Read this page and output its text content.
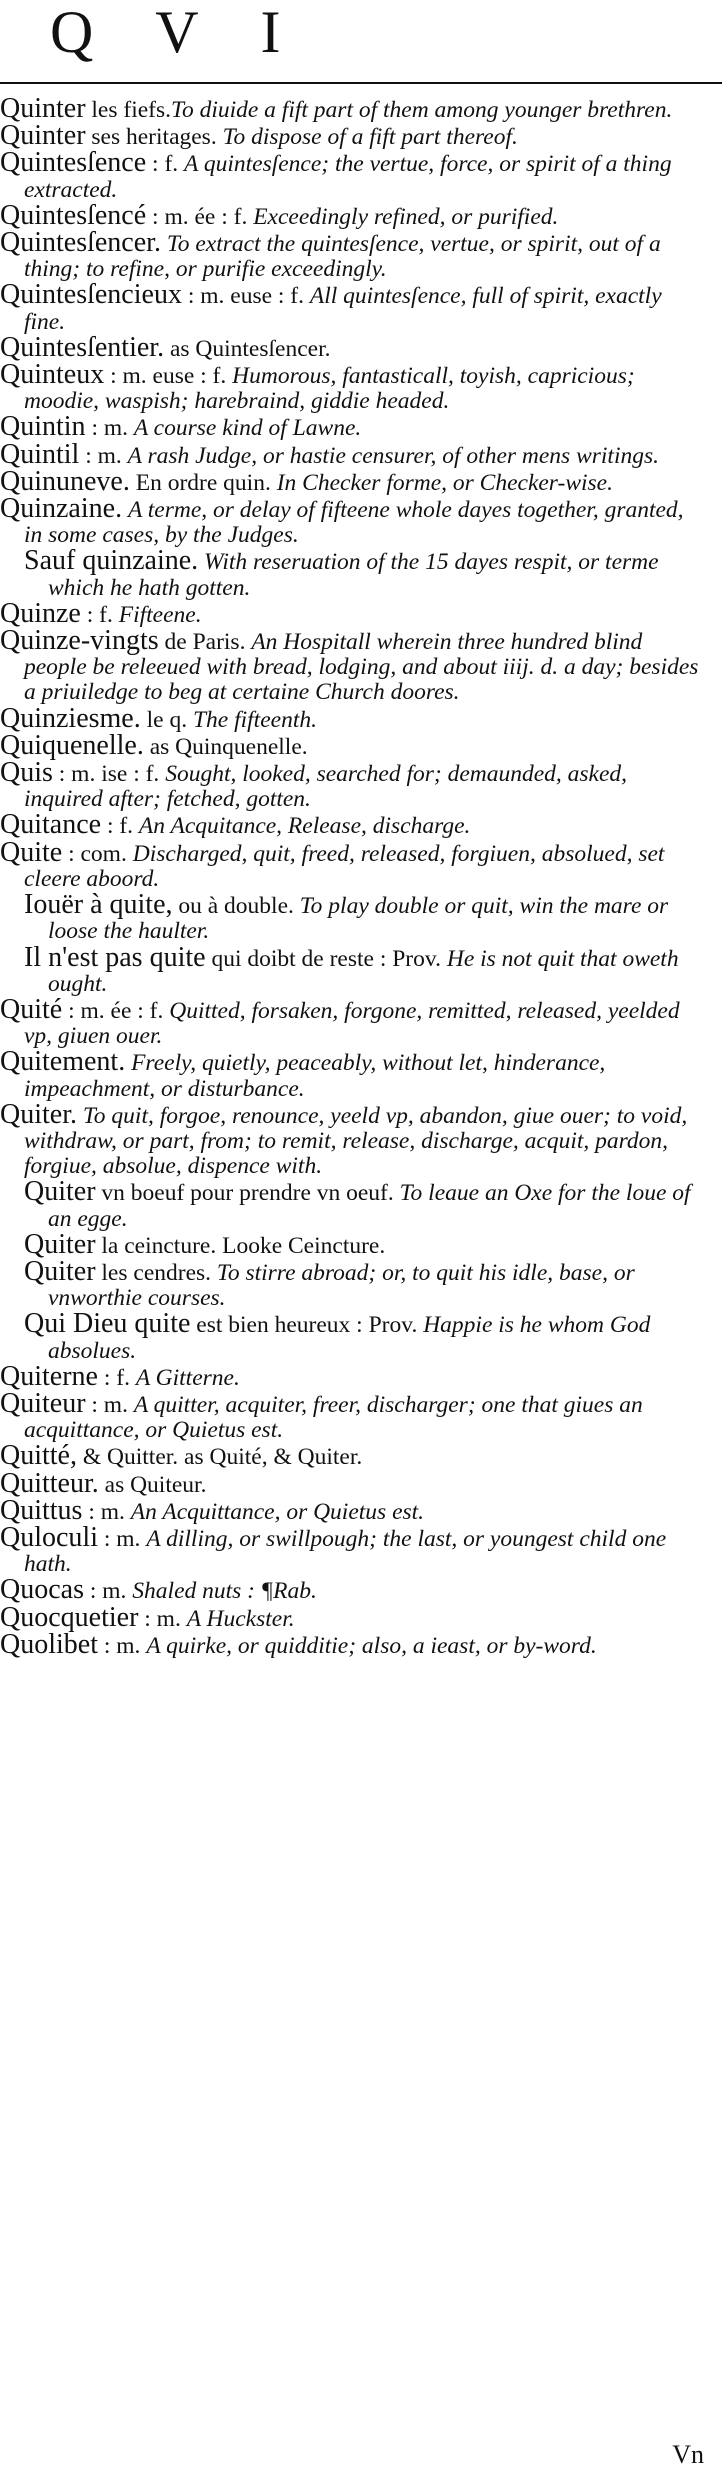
Q V I

Quinter les fiefs.To diuide a fift part of them among younger brethren.

Quinter ses heritages. To dispose of a fift part thereof.

Quintesſence : f. A quintesſence; the vertue, force, or spirit of a thing extracted.

Quintesſencé : m. ée : f. Exceedingly refined, or purified.

Quintesſencer. To extract the quintesſence, vertue, or spirit, out of a thing; to refine, or purifie exceedingly.

Quintesſencieux : m. euse : f. All quintesſence, full of spirit, exactly fine.

Quintesſentier. as Quintesſencer.

Quinteux : m. euse : f. Humorous, fantasticall, toyish, capricious; moodie, waspish; harebraind, giddie headed.

Quintin : m. A course kind of Lawne.

Quintil : m. A rash Judge, or hastie censurer, of other mens writings.

Quinuneve. En ordre quin. In Checker forme, or Checker-wise.

Quinzaine. A terme, or delay of fifteene whole dayes together, granted, in some cases, by the Judges.

Sauf quinzaine. With reseruation of the 15 dayes respit, or terme which he hath gotten.

Quinze : f. Fifteene.

Quinze-vingts de Paris. An Hospitall wherein three hundred blind people be releeued with bread, lodging, and about iiij. d. a day; besides a priuiledge to beg at certaine Church doores.

Quinziesme. le q. The fifteenth.

Quiquenelle. as Quinquenelle.

Quis : m. ise : f. Sought, looked, searched for; demaunded, asked, inquired after; fetched, gotten.

Quitance : f. An Acquitance, Release, discharge.

Quite : com. Discharged, quit, freed, released, forgiuen, absolued, set cleere aboord.

Iouër à quite, ou à double. To play double or quit, win the mare or loose the haulter.

Il n'est pas quite qui doibt de reste : Prov. He is not quit that oweth ought.

Quité : m. ée : f. Quitted, forsaken, forgone, remitted, released, yeelded vp, giuen ouer.

Quitement. Freely, quietly, peaceably, without let, hinderance, impeachment, or disturbance.

Quiter. To quit, forgoe, renounce, yeeld vp, abandon, giue ouer; to void, withdraw, or part, from; to remit, release, discharge, acquit, pardon, forgiue, absolue, dispence with.

Quiter vn boeuf pour prendre vn oeuf. To leaue an Oxe for the loue of an egge.

Quiter la ceincture. Looke Ceincture.

Quiter les cendres. To stirre abroad; or, to quit his idle, base, or vnworthie courses.

Qui Dieu quite est bien heureux : Prov. Happie is he whom God absolues.

Quiterne : f. A Gitterne.

Quiteur : m. A quitter, acquiter, freer, discharger; one that giues an acquittance, or Quietus est.

Quitté, & Quitter. as Quité, & Quiter.

Quitteur. as Quiteur.

Quittus : m. An Acquittance, or Quietus est.

Quloculi : m. A dilling, or swillpough; the last, or youngest child one hath.

Quocas : m. Shaled nuts : ¶Rab.

Quocquetier : m. A Huckster.

Quolibet : m. A quirke, or quidditie; also, a ieast, or by-word.

Vn
